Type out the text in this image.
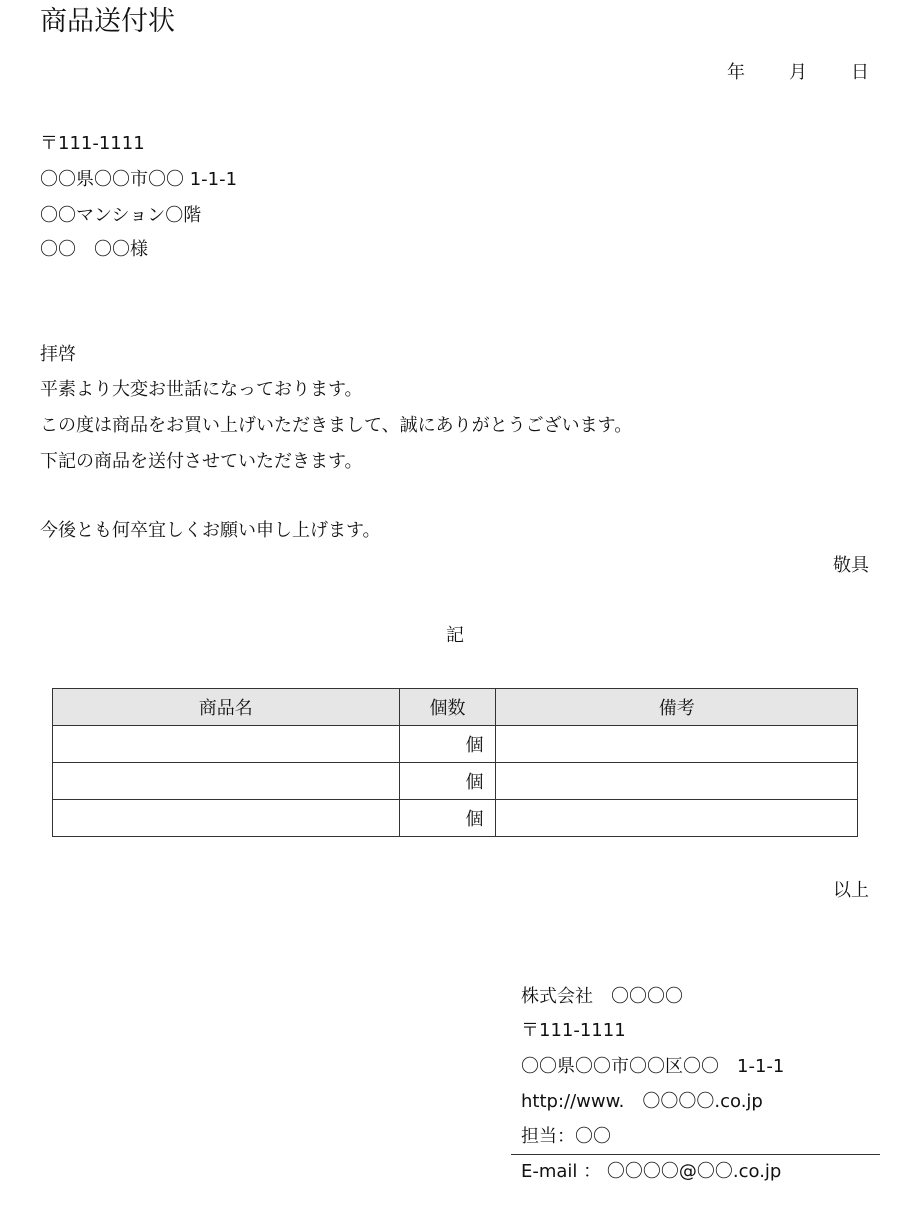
商品送付状
年 月 日
〒111-1111
〇〇県〇〇市〇〇 1-1-1
〇〇マンション〇階
〇〇　〇〇様
拝啓
平素より大変お世話になっております。
この度は商品をお買い上げいただきまして、誠にありがとうございます。
下記の商品を送付させていただきます。
今後とも何卒宜しくお願い申し上げます。
敬具
記
商品名	個数	備考
	個	
	個	
	個	
以上
株式会社　〇〇〇〇
〒111-1111
〇〇県〇〇市〇〇区〇〇　1-1-1
http://www.　〇〇〇〇.co.jp
担当：〇〇
E-mail ： 〇〇〇〇@〇〇.co.jp
